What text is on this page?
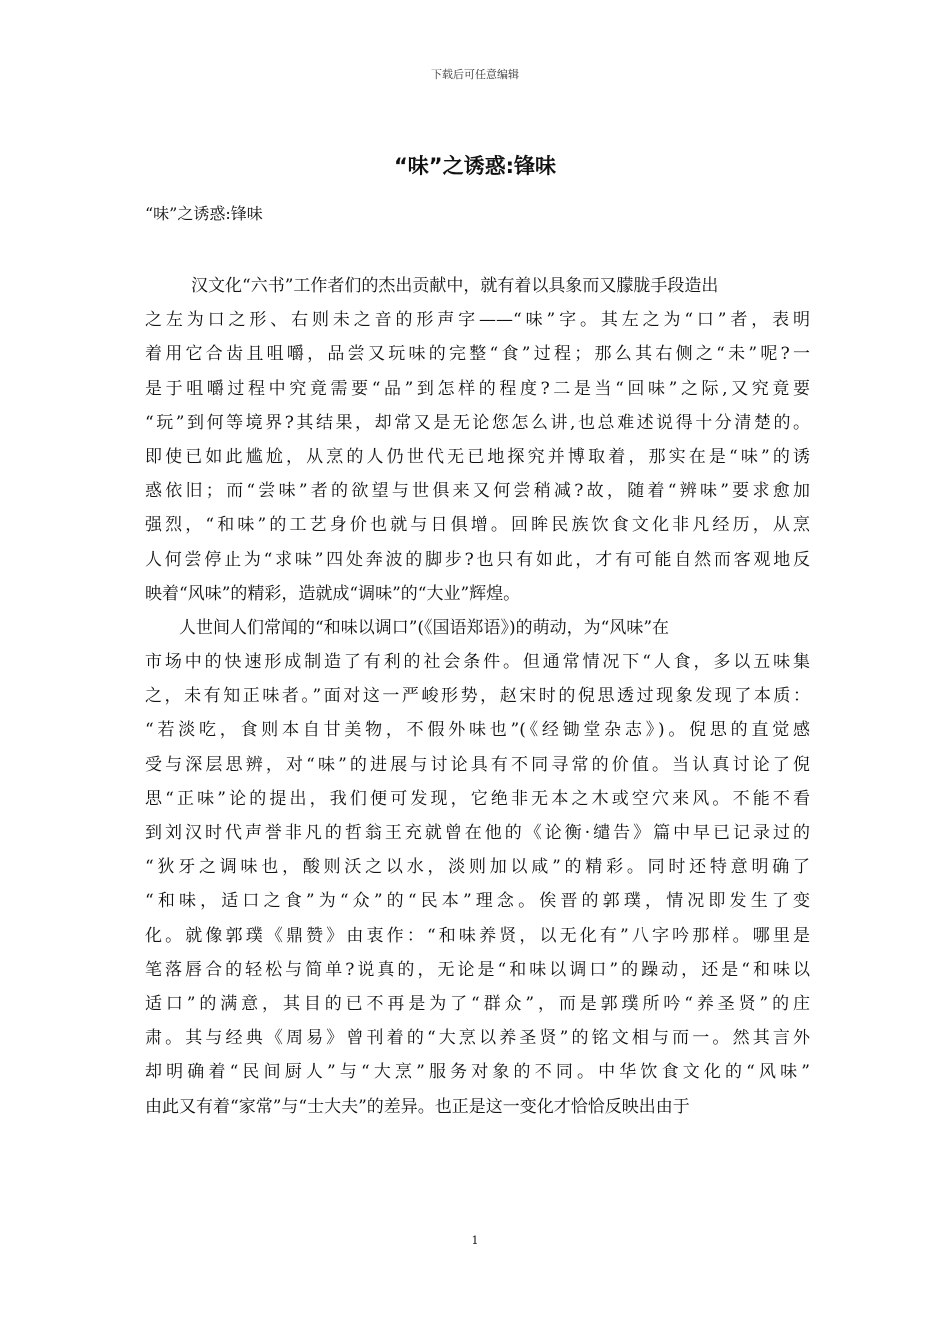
下载后可任意编辑
“味”之诱惑:锋味
“味”之诱惑:锋味
汉文化“六书”工作者们的杰出贡献中，就有着以具象而又朦胧手段造出
之左为口之形、右则未之音的形声字——“味”字。其左之为“口”者，表明
着用它合齿且咀嚼，品尝又玩味的完整“食”过程；那么其右侧之“未”呢?一
是于咀嚼过程中究竟需要“品”到怎样的程度?二是当“回味”之际,又究竟要
“玩”到何等境界?其结果，却常又是无论您怎么讲,也总难述说得十分清楚的。
即使已如此尴尬，从烹的人仍世代无已地探究并博取着，那实在是“味”的诱
惑依旧；而“尝味”者的欲望与世俱来又何尝稍减?故，随着“辨味”要求愈加
强烈，“和味”的工艺身价也就与日俱增。回眸民族饮食文化非凡经历，从烹
人何尝停止为“求味”四处奔波的脚步?也只有如此，才有可能自然而客观地反
映着“风味”的精彩，造就成“调味”的“大业”辉煌。
人世间人们常闻的“和味以调口”(《国语郑语》)的萌动，为“风味”在
市场中的快速形成制造了有利的社会条件。但通常情况下“人食，多以五味集
之，未有知正味者。”面对这一严峻形势，赵宋时的倪思透过现象发现了本质：
“若淡吃，食则本自甘美物，不假外味也”(《经锄堂杂志》)。倪思的直觉感
受与深层思辨，对“味”的进展与讨论具有不同寻常的价值。当认真讨论了倪
思“正味”论的提出，我们便可发现，它绝非无本之木或空穴来风。不能不看
到刘汉时代声誉非凡的哲翁王充就曾在他的《论衡·缱告》篇中早已记录过的
“狄牙之调味也，酸则沃之以水，淡则加以咸”的精彩。同时还特意明确了
“和味，适口之食”为“众”的“民本”理念。俟晋的郭璞，情况即发生了变
化。就像郭璞《鼎赞》由衷作：“和味养贤，以无化有”八字吟那样。哪里是
笔落唇合的轻松与简单?说真的，无论是“和味以调口”的躁动，还是“和味以
适口”的满意，其目的已不再是为了“群众”，而是郭璞所吟“养圣贤”的庄
肃。其与经典《周易》曾刊着的“大烹以养圣贤”的铭文相与而一。然其言外
却明确着“民间厨人”与“大烹”服务对象的不同。中华饮食文化的“风味”
由此又有着“家常”与“士大夫”的差异。也正是这一变化才恰恰反映出由于
1
